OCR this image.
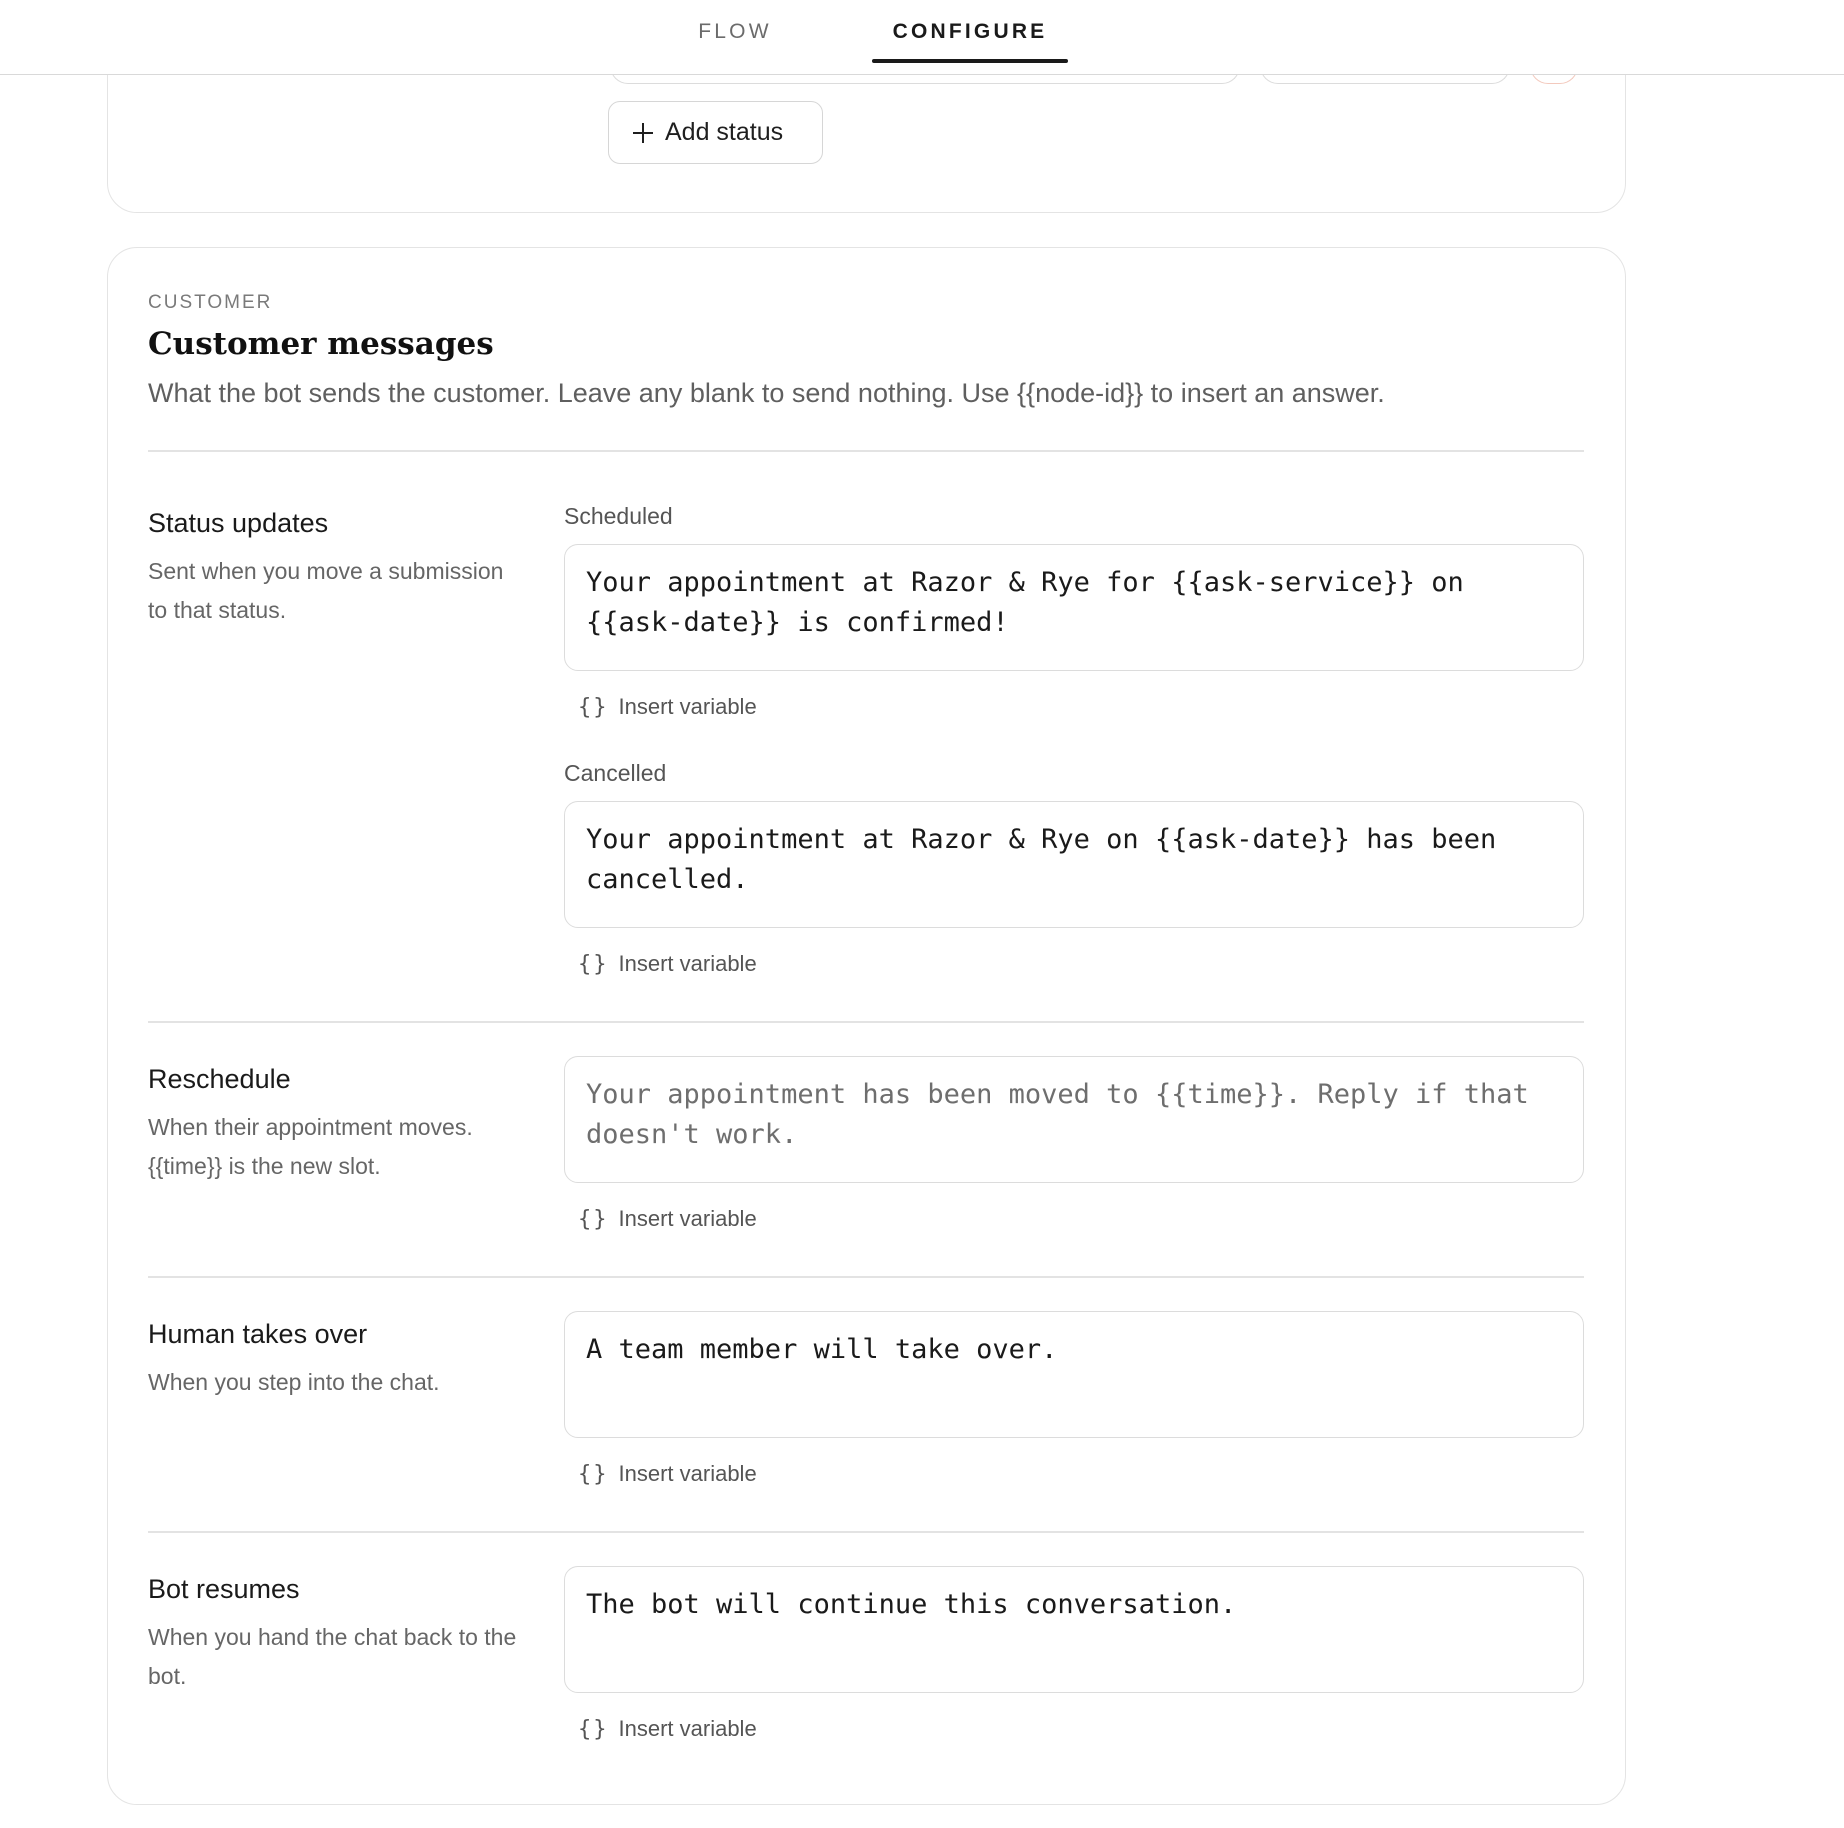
FLOW	CONFIGURE
Add status
CUSTOMER
Customer messages
What the bot sends the customer. Leave any blank to send nothing. Use {{node-id}} to insert an answer.
Status updates
Sent when you move a submission to that status.
Scheduled
Your appointment at Razor & Rye for {{ask-service}} on {{ask-date}} is confirmed!
{} Insert variable
Cancelled
Your appointment at Razor & Rye on {{ask-date}} has been cancelled.
{} Insert variable
Reschedule
When their appointment moves. {{time}} is the new slot.
Your appointment has been moved to {{time}}. Reply if that doesn't work.
{} Insert variable
Human takes over
When you step into the chat.
A team member will take over.
{} Insert variable
Bot resumes
When you hand the chat back to the bot.
The bot will continue this conversation.
{} Insert variable
